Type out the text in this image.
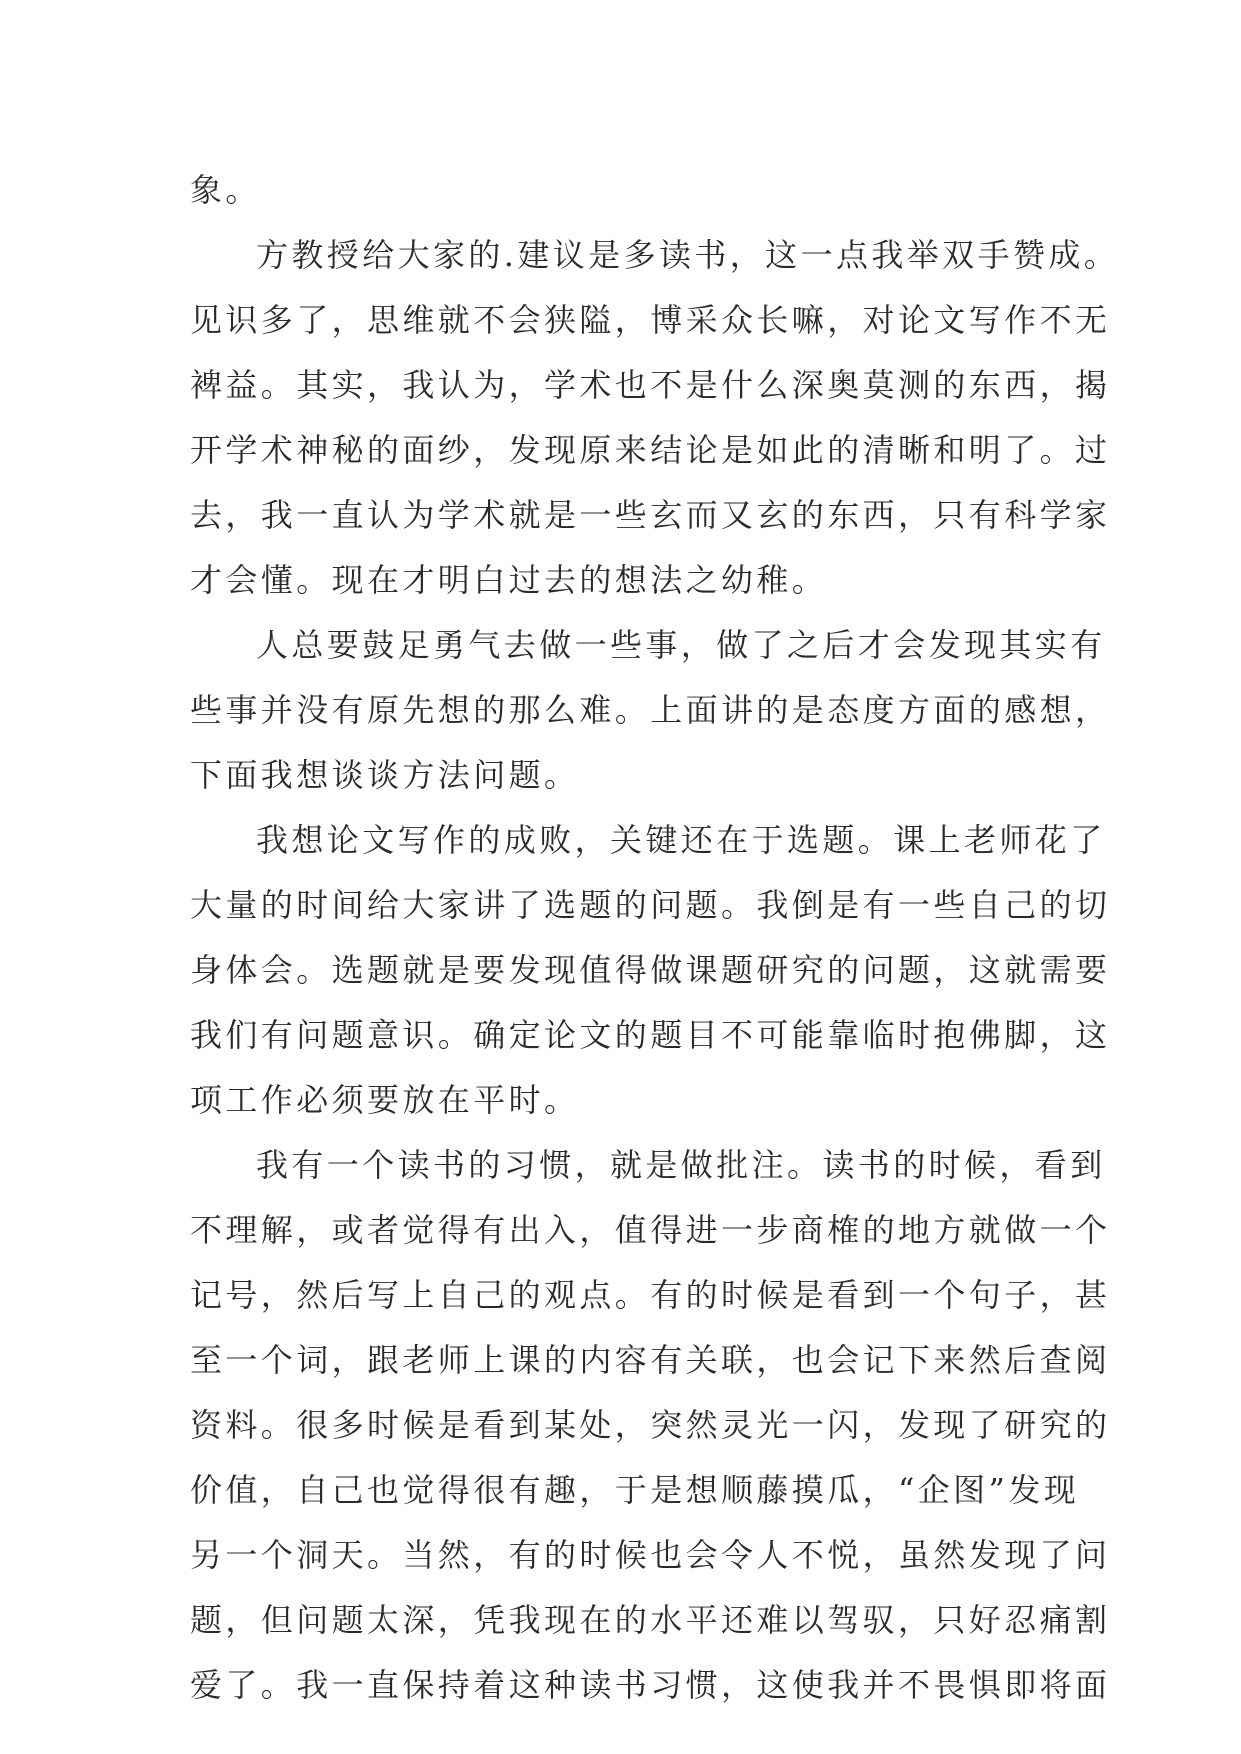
象。
方教授给大家的.建议是多读书，这一点我举双手赞成。
见识多了，思维就不会狭隘，博采众长嘛，对论文写作不无
裨益。其实，我认为，学术也不是什么深奥莫测的东西，揭
开学术神秘的面纱，发现原来结论是如此的清晰和明了。过
去，我一直认为学术就是一些玄而又玄的东西，只有科学家
才会懂。现在才明白过去的想法之幼稚。
人总要鼓足勇气去做一些事，做了之后才会发现其实有
些事并没有原先想的那么难。上面讲的是态度方面的感想，
下面我想谈谈方法问题。
我想论文写作的成败，关键还在于选题。课上老师花了
大量的时间给大家讲了选题的问题。我倒是有一些自己的切
身体会。选题就是要发现值得做课题研究的问题，这就需要
我们有问题意识。确定论文的题目不可能靠临时抱佛脚，这
项工作必须要放在平时。
我有一个读书的习惯，就是做批注。读书的时候，看到
不理解，或者觉得有出入，值得进一步商榷的地方就做一个
记号，然后写上自己的观点。有的时候是看到一个句子，甚
至一个词，跟老师上课的内容有关联，也会记下来然后查阅
资料。很多时候是看到某处，突然灵光一闪，发现了研究的
价值，自己也觉得很有趣，于是想顺藤摸瓜，“企图”发现
另一个洞天。当然，有的时候也会令人不悦，虽然发现了问
题，但问题太深，凭我现在的水平还难以驾驭，只好忍痛割
爱了。我一直保持着这种读书习惯，这使我并不畏惧即将面
